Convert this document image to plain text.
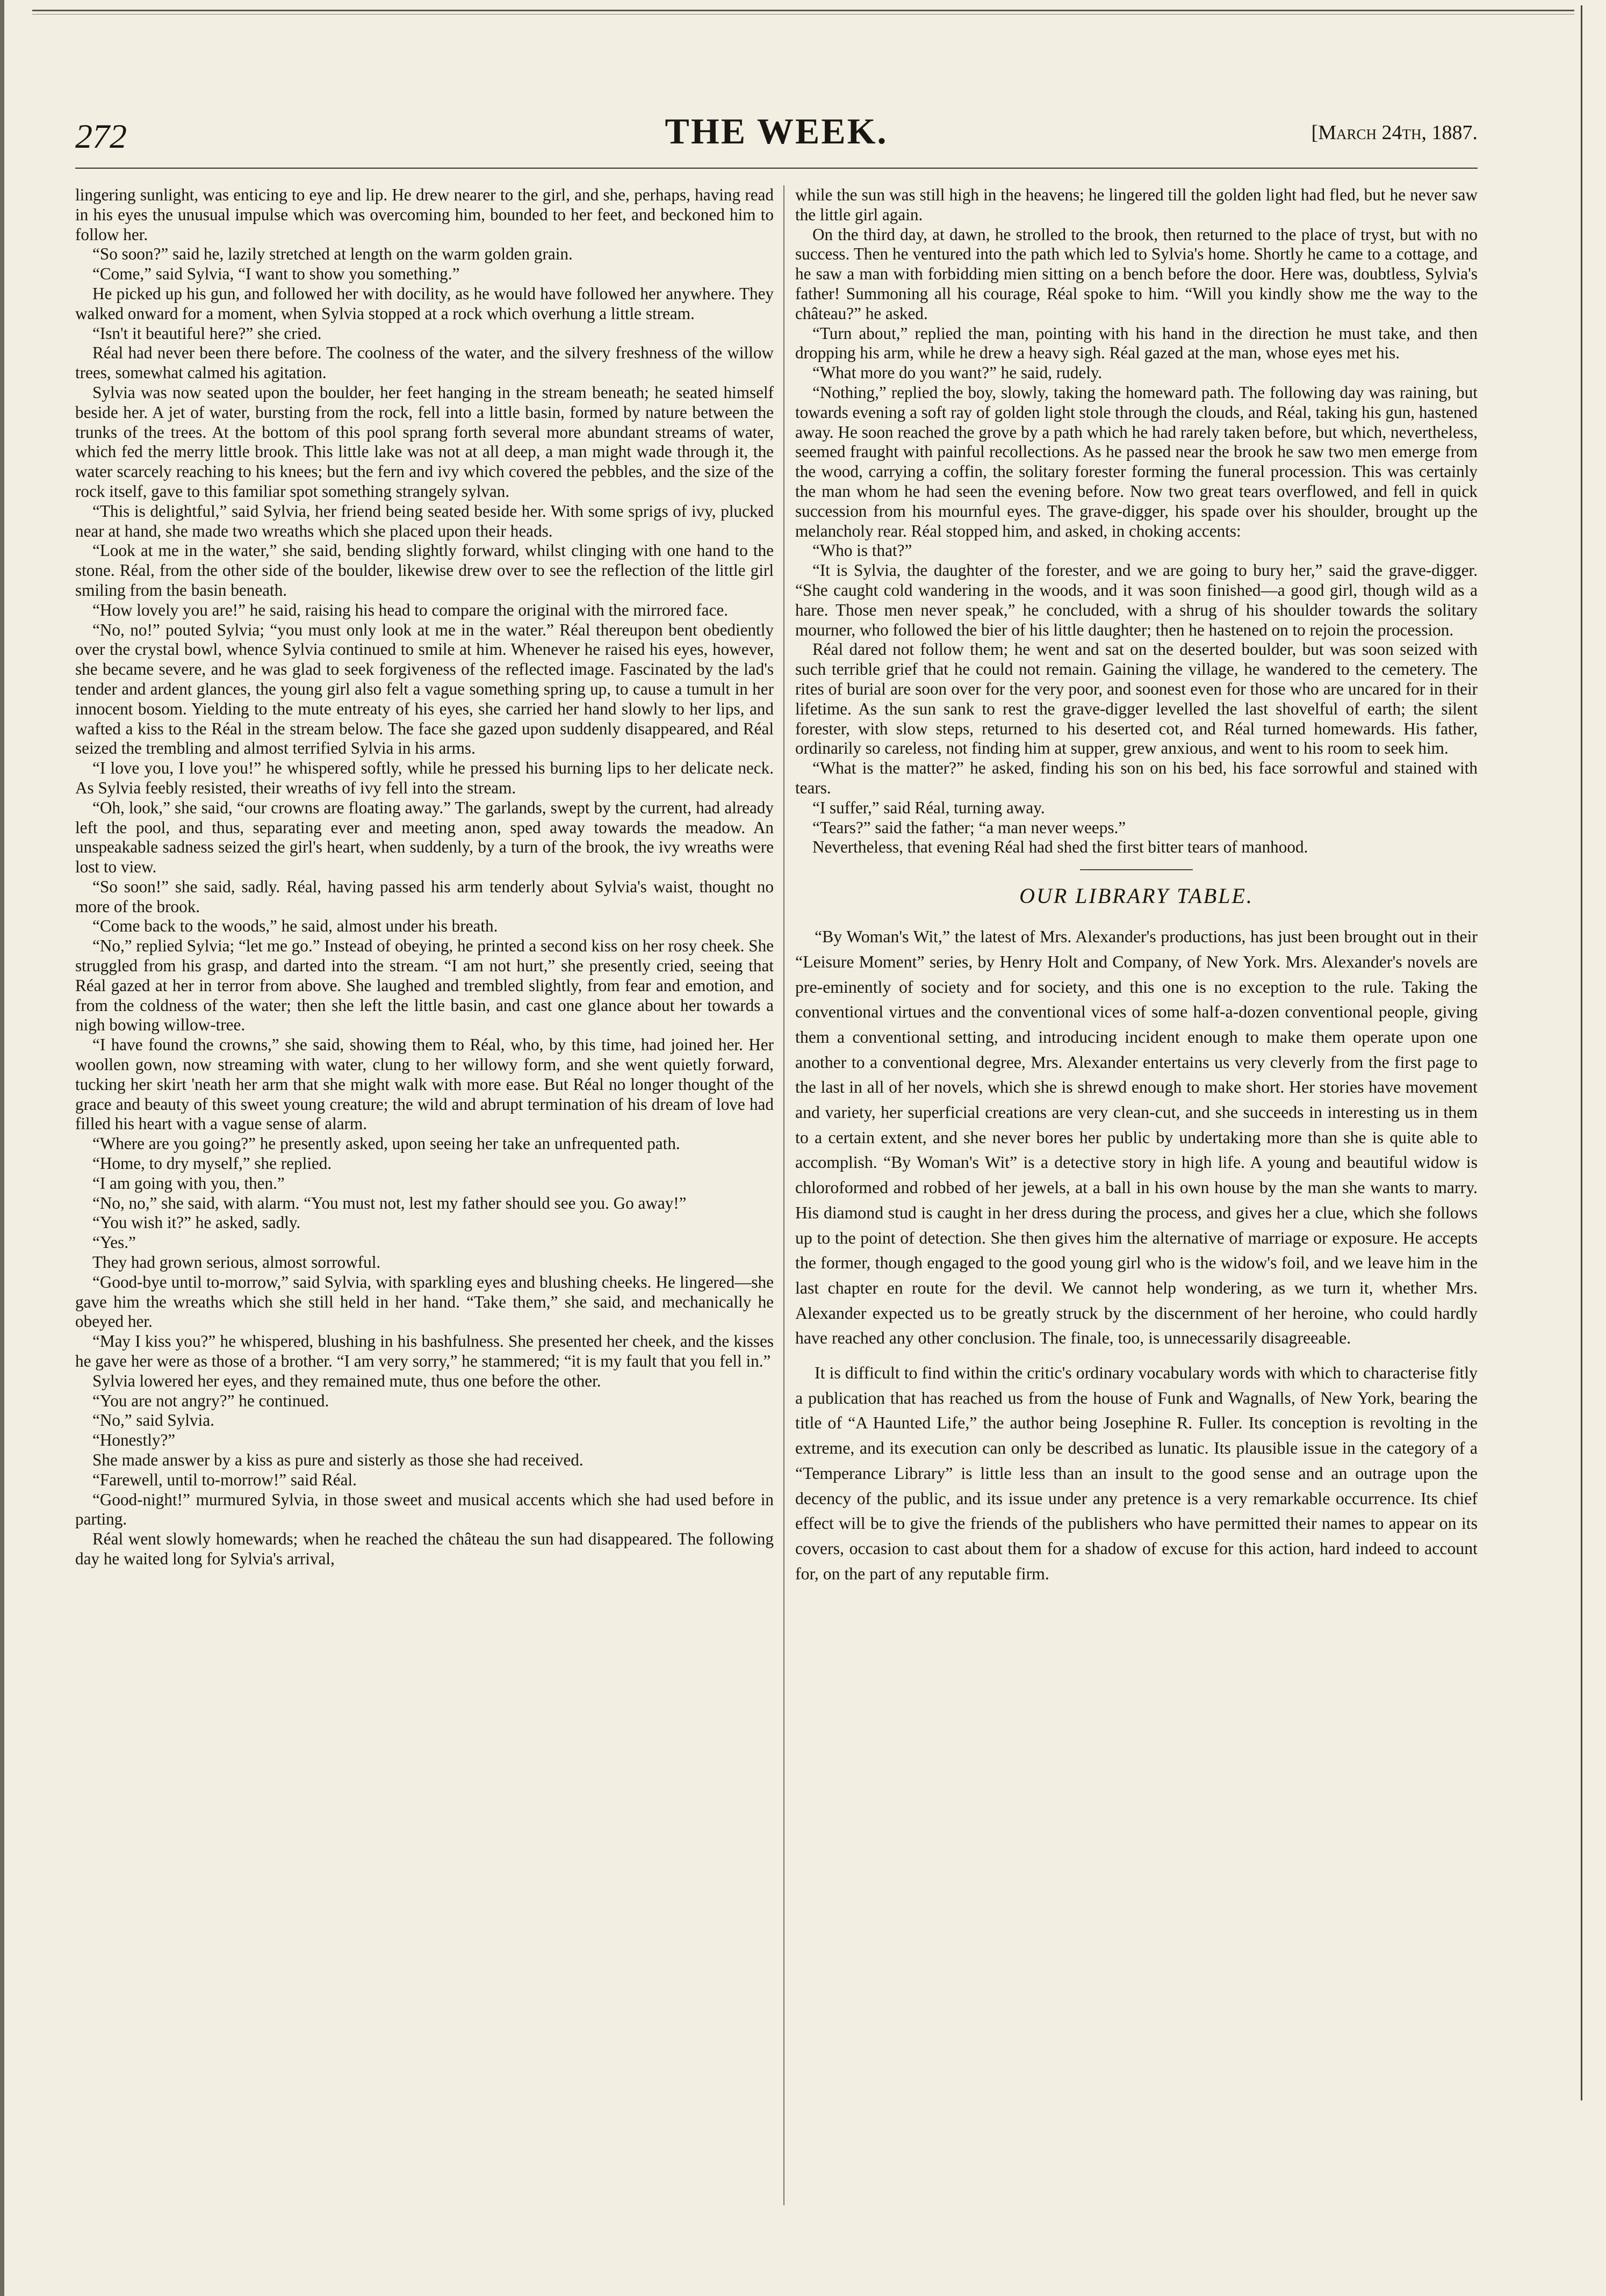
272	THE WEEK.	[March 24th, 1887.

lingering sunlight, was enticing to eye and lip. He drew nearer to the girl, and she, perhaps, having read in his eyes the unusual impulse which was overcoming him, bounded to her feet, and beckoned him to follow her.

“So soon?” said he, lazily stretched at length on the warm golden grain.

“Come,” said Sylvia, “I want to show you something.”

He picked up his gun, and followed her with docility, as he would have followed her anywhere. They walked onward for a moment, when Sylvia stopped at a rock which overhung a little stream.

“Isn't it beautiful here?” she cried.

Réal had never been there before. The coolness of the water, and the silvery freshness of the willow trees, somewhat calmed his agitation.

Sylvia was now seated upon the boulder, her feet hanging in the stream beneath; he seated himself beside her. A jet of water, bursting from the rock, fell into a little basin, formed by nature between the trunks of the trees. At the bottom of this pool sprang forth several more abundant streams of water, which fed the merry little brook. This little lake was not at all deep, a man might wade through it, the water scarcely reaching to his knees; but the fern and ivy which covered the pebbles, and the size of the rock itself, gave to this familiar spot something strangely sylvan.

“This is delightful,” said Sylvia, her friend being seated beside her. With some sprigs of ivy, plucked near at hand, she made two wreaths which she placed upon their heads.

“Look at me in the water,” she said, bending slightly forward, whilst clinging with one hand to the stone. Réal, from the other side of the boulder, likewise drew over to see the reflection of the little girl smiling from the basin beneath.

“How lovely you are!” he said, raising his head to compare the original with the mirrored face.

“No, no!” pouted Sylvia; “you must only look at me in the water.” Réal thereupon bent obediently over the crystal bowl, whence Sylvia continued to smile at him. Whenever he raised his eyes, however, she became severe, and he was glad to seek forgiveness of the reflected image. Fascinated by the lad's tender and ardent glances, the young girl also felt a vague something spring up, to cause a tumult in her innocent bosom. Yielding to the mute entreaty of his eyes, she carried her hand slowly to her lips, and wafted a kiss to the Réal in the stream below. The face she gazed upon suddenly disappeared, and Réal seized the trembling and almost terrified Sylvia in his arms.

“I love you, I love you!” he whispered softly, while he pressed his burning lips to her delicate neck. As Sylvia feebly resisted, their wreaths of ivy fell into the stream.

“Oh, look,” she said, “our crowns are floating away.” The garlands, swept by the current, had already left the pool, and thus, separating ever and meeting anon, sped away towards the meadow. An unspeakable sadness seized the girl's heart, when suddenly, by a turn of the brook, the ivy wreaths were lost to view.

“So soon!” she said, sadly. Réal, having passed his arm tenderly about Sylvia's waist, thought no more of the brook.

“Come back to the woods,” he said, almost under his breath.

“No,” replied Sylvia; “let me go.” Instead of obeying, he printed a second kiss on her rosy cheek. She struggled from his grasp, and darted into the stream. “I am not hurt,” she presently cried, seeing that Réal gazed at her in terror from above. She laughed and trembled slightly, from fear and emotion, and from the coldness of the water; then she left the little basin, and cast one glance about her towards a nigh bowing willow-tree.

“I have found the crowns,” she said, showing them to Réal, who, by this time, had joined her. Her woollen gown, now streaming with water, clung to her willowy form, and she went quietly forward, tucking her skirt 'neath her arm that she might walk with more ease. But Réal no longer thought of the grace and beauty of this sweet young creature; the wild and abrupt termination of his dream of love had filled his heart with a vague sense of alarm.

“Where are you going?” he presently asked, upon seeing her take an unfrequented path.

“Home, to dry myself,” she replied.

“I am going with you, then.”

“No, no,” she said, with alarm. “You must not, lest my father should see you. Go away!”

“You wish it?” he asked, sadly.

“Yes.”

They had grown serious, almost sorrowful.

“Good-bye until to-morrow,” said Sylvia, with sparkling eyes and blushing cheeks. He lingered—she gave him the wreaths which she still held in her hand. “Take them,” she said, and mechanically he obeyed her.

“May I kiss you?” he whispered, blushing in his bashfulness. She presented her cheek, and the kisses he gave her were as those of a brother. “I am very sorry,” he stammered; “it is my fault that you fell in.”

Sylvia lowered her eyes, and they remained mute, thus one before the other.

“You are not angry?” he continued.

“No,” said Sylvia.

“Honestly?”

She made answer by a kiss as pure and sisterly as those she had received.

“Farewell, until to-morrow!” said Réal.

“Good-night!” murmured Sylvia, in those sweet and musical accents which she had used before in parting.

Réal went slowly homewards; when he reached the château the sun had disappeared. The following day he waited long for Sylvia's arrival,

while the sun was still high in the heavens; he lingered till the golden light had fled, but he never saw the little girl again.

On the third day, at dawn, he strolled to the brook, then returned to the place of tryst, but with no success. Then he ventured into the path which led to Sylvia's home. Shortly he came to a cottage, and he saw a man with forbidding mien sitting on a bench before the door. Here was, doubtless, Sylvia's father! Summoning all his courage, Réal spoke to him. “Will you kindly show me the way to the château?” he asked.

“Turn about,” replied the man, pointing with his hand in the direction he must take, and then dropping his arm, while he drew a heavy sigh. Réal gazed at the man, whose eyes met his.

“What more do you want?” he said, rudely.

“Nothing,” replied the boy, slowly, taking the homeward path. The following day was raining, but towards evening a soft ray of golden light stole through the clouds, and Réal, taking his gun, hastened away. He soon reached the grove by a path which he had rarely taken before, but which, nevertheless, seemed fraught with painful recollections. As he passed near the brook he saw two men emerge from the wood, carrying a coffin, the solitary forester forming the funeral procession. This was certainly the man whom he had seen the evening before. Now two great tears overflowed, and fell in quick succession from his mournful eyes. The grave-digger, his spade over his shoulder, brought up the melancholy rear. Réal stopped him, and asked, in choking accents:

“Who is that?”

“It is Sylvia, the daughter of the forester, and we are going to bury her,” said the grave-digger. “She caught cold wandering in the woods, and it was soon finished—a good girl, though wild as a hare. Those men never speak,” he concluded, with a shrug of his shoulder towards the solitary mourner, who followed the bier of his little daughter; then he hastened on to rejoin the procession.

Réal dared not follow them; he went and sat on the deserted boulder, but was soon seized with such terrible grief that he could not remain. Gaining the village, he wandered to the cemetery. The rites of burial are soon over for the very poor, and soonest even for those who are uncared for in their lifetime. As the sun sank to rest the grave-digger levelled the last shovelful of earth; the silent forester, with slow steps, returned to his deserted cot, and Réal turned homewards. His father, ordinarily so careless, not finding him at supper, grew anxious, and went to his room to seek him.

“What is the matter?” he asked, finding his son on his bed, his face sorrowful and stained with tears.

“I suffer,” said Réal, turning away.

“Tears?” said the father; “a man never weeps.”

Nevertheless, that evening Réal had shed the first bitter tears of manhood.

OUR LIBRARY TABLE.

“By Woman's Wit,” the latest of Mrs. Alexander's productions, has just been brought out in their “Leisure Moment” series, by Henry Holt and Company, of New York. Mrs. Alexander's novels are pre-eminently of society and for society, and this one is no exception to the rule. Taking the conventional virtues and the conventional vices of some half-a-dozen conventional people, giving them a conventional setting, and introducing incident enough to make them operate upon one another to a conventional degree, Mrs. Alexander entertains us very cleverly from the first page to the last in all of her novels, which she is shrewd enough to make short. Her stories have movement and variety, her superficial creations are very clean-cut, and she succeeds in interesting us in them to a certain extent, and she never bores her public by undertaking more than she is quite able to accomplish. “By Woman's Wit” is a detective story in high life. A young and beautiful widow is chloroformed and robbed of her jewels, at a ball in his own house by the man she wants to marry. His diamond stud is caught in her dress during the process, and gives her a clue, which she follows up to the point of detection. She then gives him the alternative of marriage or exposure. He accepts the former, though engaged to the good young girl who is the widow's foil, and we leave him in the last chapter en route for the devil. We cannot help wondering, as we turn it, whether Mrs. Alexander expected us to be greatly struck by the discernment of her heroine, who could hardly have reached any other conclusion. The finale, too, is unnecessarily disagreeable.

It is difficult to find within the critic's ordinary vocabulary words with which to characterise fitly a publication that has reached us from the house of Funk and Wagnalls, of New York, bearing the title of “A Haunted Life,” the author being Josephine R. Fuller. Its conception is revolting in the extreme, and its execution can only be described as lunatic. Its plausible issue in the category of a “Temperance Library” is little less than an insult to the good sense and an outrage upon the decency of the public, and its issue under any pretence is a very remarkable occurrence. Its chief effect will be to give the friends of the publishers who have permitted their names to appear on its covers, occasion to cast about them for a shadow of excuse for this action, hard indeed to account for, on the part of any reputable firm.
